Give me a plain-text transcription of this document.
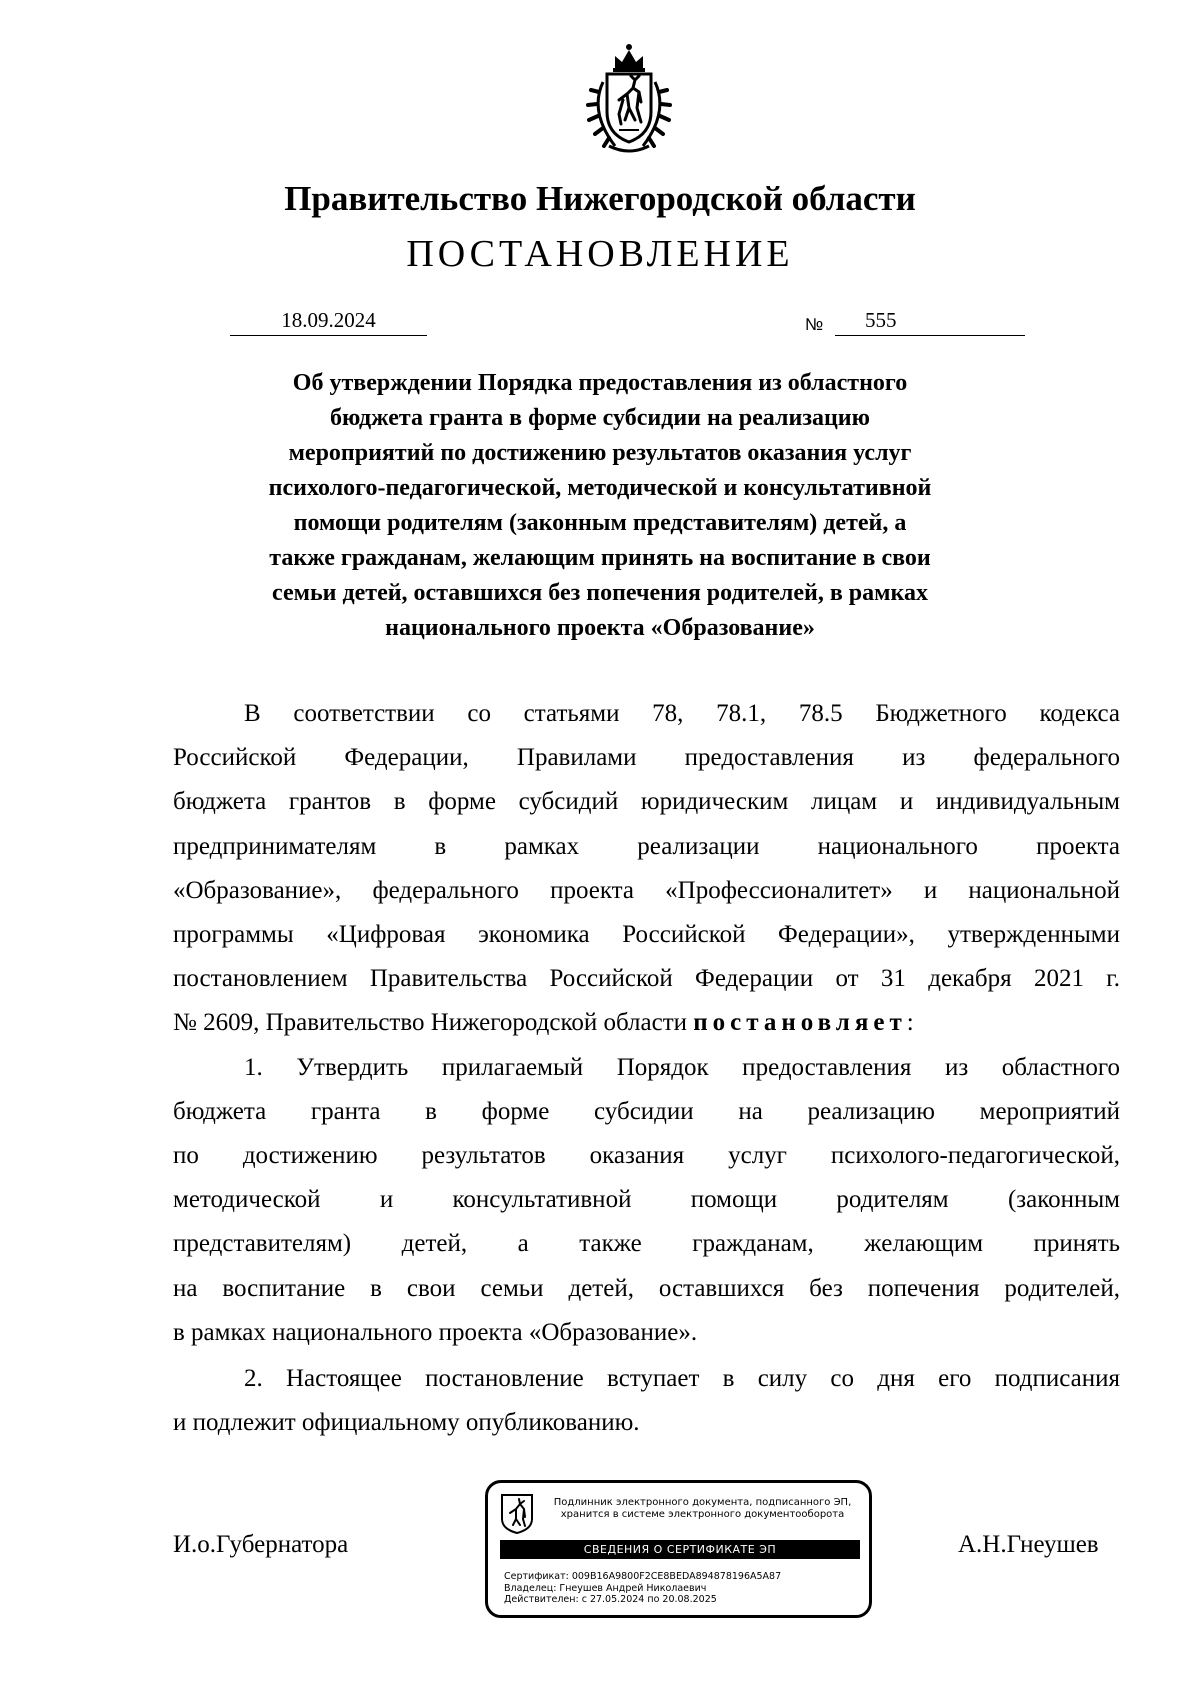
Правительство Нижегородской области
ПОСТАНОВЛЕНИЕ
18.09.2024	№	555
Об утверждении Порядка предоставления из областного
бюджета гранта в форме субсидии на реализацию
мероприятий по достижению результатов оказания услуг
психолого-педагогической, методической и консультативной
помощи родителям (законным представителям) детей, а
также гражданам, желающим принять на воспитание в свои
семьи детей, оставшихся без попечения родителей, в рамках
национального проекта «Образование»
В соответствии со статьями 78, 78.1, 78.5 Бюджетного кодекса
Российской Федерации, Правилами предоставления из федерального
бюджета грантов в форме субсидий юридическим лицам и индивидуальным
предпринимателям в рамках реализации национального проекта
«Образование», федерального проекта «Профессионалитет» и национальной
программы «Цифровая экономика Российской Федерации», утвержденными
постановлением Правительства Российской Федерации от 31 декабря 2021 г.
№ 2609, Правительство Нижегородской области постановляет:
1. Утвердить прилагаемый Порядок предоставления из областного
бюджета гранта в форме субсидии на реализацию мероприятий
по достижению результатов оказания услуг психолого-педагогической,
методической и консультативной помощи родителям (законным
представителям) детей, а также гражданам, желающим принять
на воспитание в свои семьи детей, оставшихся без попечения родителей,
в рамках национального проекта «Образование».
2. Настоящее постановление вступает в силу со дня его подписания
и подлежит официальному опубликованию.
И.о.Губернатора	А.Н.Гнеушев
Подлинник электронного документа, подписанного ЭП,
хранится в системе электронного документооборота
СВЕДЕНИЯ О СЕРТИФИКАТЕ ЭП
Сертификат: 009B16A9800F2CE8BEDA894878196A5A87
Владелец: Гнеушев Андрей Николаевич
Действителен: с 27.05.2024 по 20.08.2025
